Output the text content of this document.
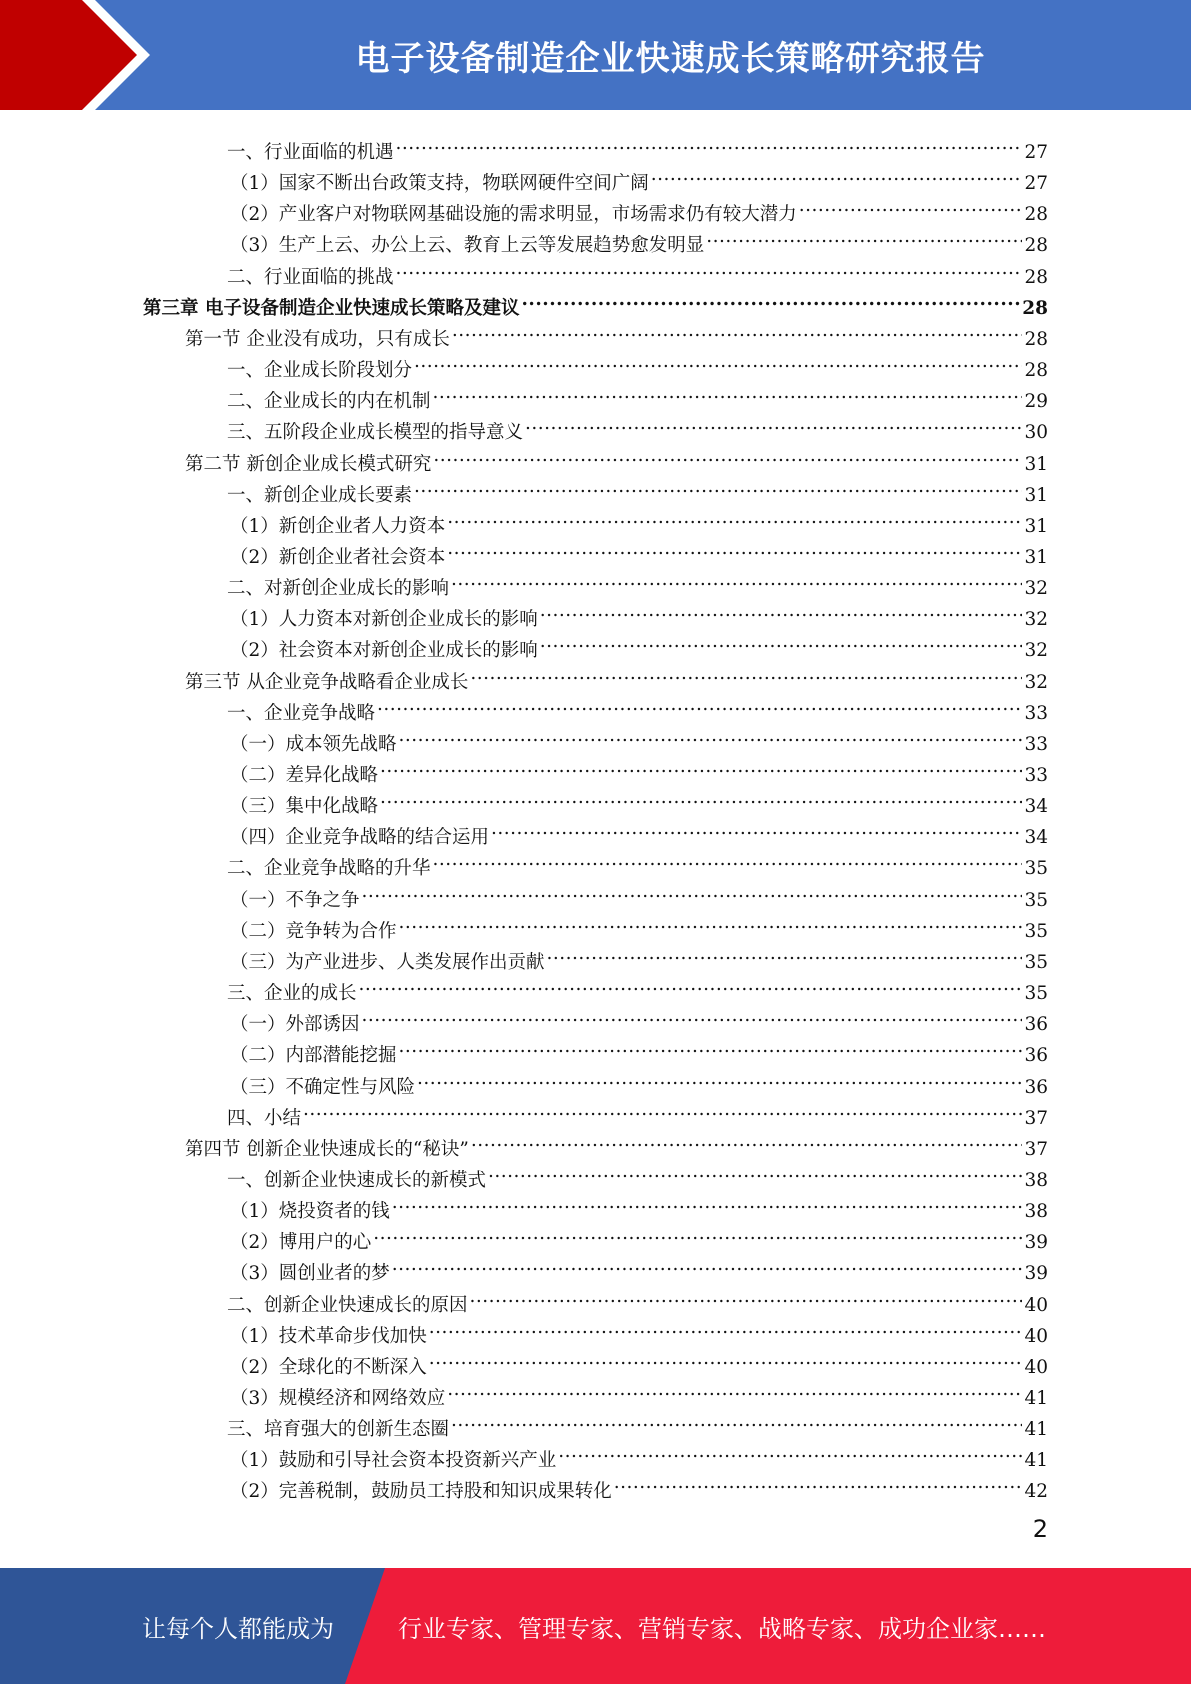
电子设备制造企业快速成长策略研究报告
一、行业面临的机遇 .....	27
（1）国家不断出台政策支持，物联网硬件空间广阔 .....	27
（2）产业客户对物联网基础设施的需求明显，市场需求仍有较大潜力 .....	28
（3）生产上云、办公上云、教育上云等发展趋势愈发明显 .....	28
二、行业面临的挑战 .....	28
第三章 电子设备制造企业快速成长策略及建议 .....	28
第一节 企业没有成功，只有成长 .....	28
一、企业成长阶段划分 .....	28
二、企业成长的内在机制 .....	29
三、五阶段企业成长模型的指导意义 .....	30
第二节 新创企业成长模式研究 .....	31
一、新创企业成长要素 .....	31
（1）新创企业者人力资本 .....	31
（2）新创企业者社会资本 .....	31
二、对新创企业成长的影响 .....	32
（1）人力资本对新创企业成长的影响 .....	32
（2）社会资本对新创企业成长的影响 .....	32
第三节 从企业竞争战略看企业成长 .....	32
一、企业竞争战略 .....	33
（一）成本领先战略 .....	33
（二）差异化战略 .....	33
（三）集中化战略 .....	34
（四）企业竞争战略的结合运用 .....	34
二、企业竞争战略的升华 .....	35
（一）不争之争 .....	35
（二）竞争转为合作 .....	35
（三）为产业进步、人类发展作出贡献 .....	35
三、企业的成长 .....	35
（一）外部诱因 .....	36
（二）内部潜能挖掘 .....	36
（三）不确定性与风险 .....	36
四、小结 .....	37
第四节 创新企业快速成长的“秘诀” .....	37
一、创新企业快速成长的新模式 .....	38
（1）烧投资者的钱 .....	38
（2）博用户的心 .....	39
（3）圆创业者的梦 .....	39
二、创新企业快速成长的原因 .....	40
（1）技术革命步伐加快 .....	40
（2）全球化的不断深入 .....	40
（3）规模经济和网络效应 .....	41
三、培育强大的创新生态圈 .....	41
（1）鼓励和引导社会资本投资新兴产业 .....	41
（2）完善税制，鼓励员工持股和知识成果转化 .....	42
2
让每个人都能成为	行业专家、管理专家、营销专家、战略专家、成功企业家……
